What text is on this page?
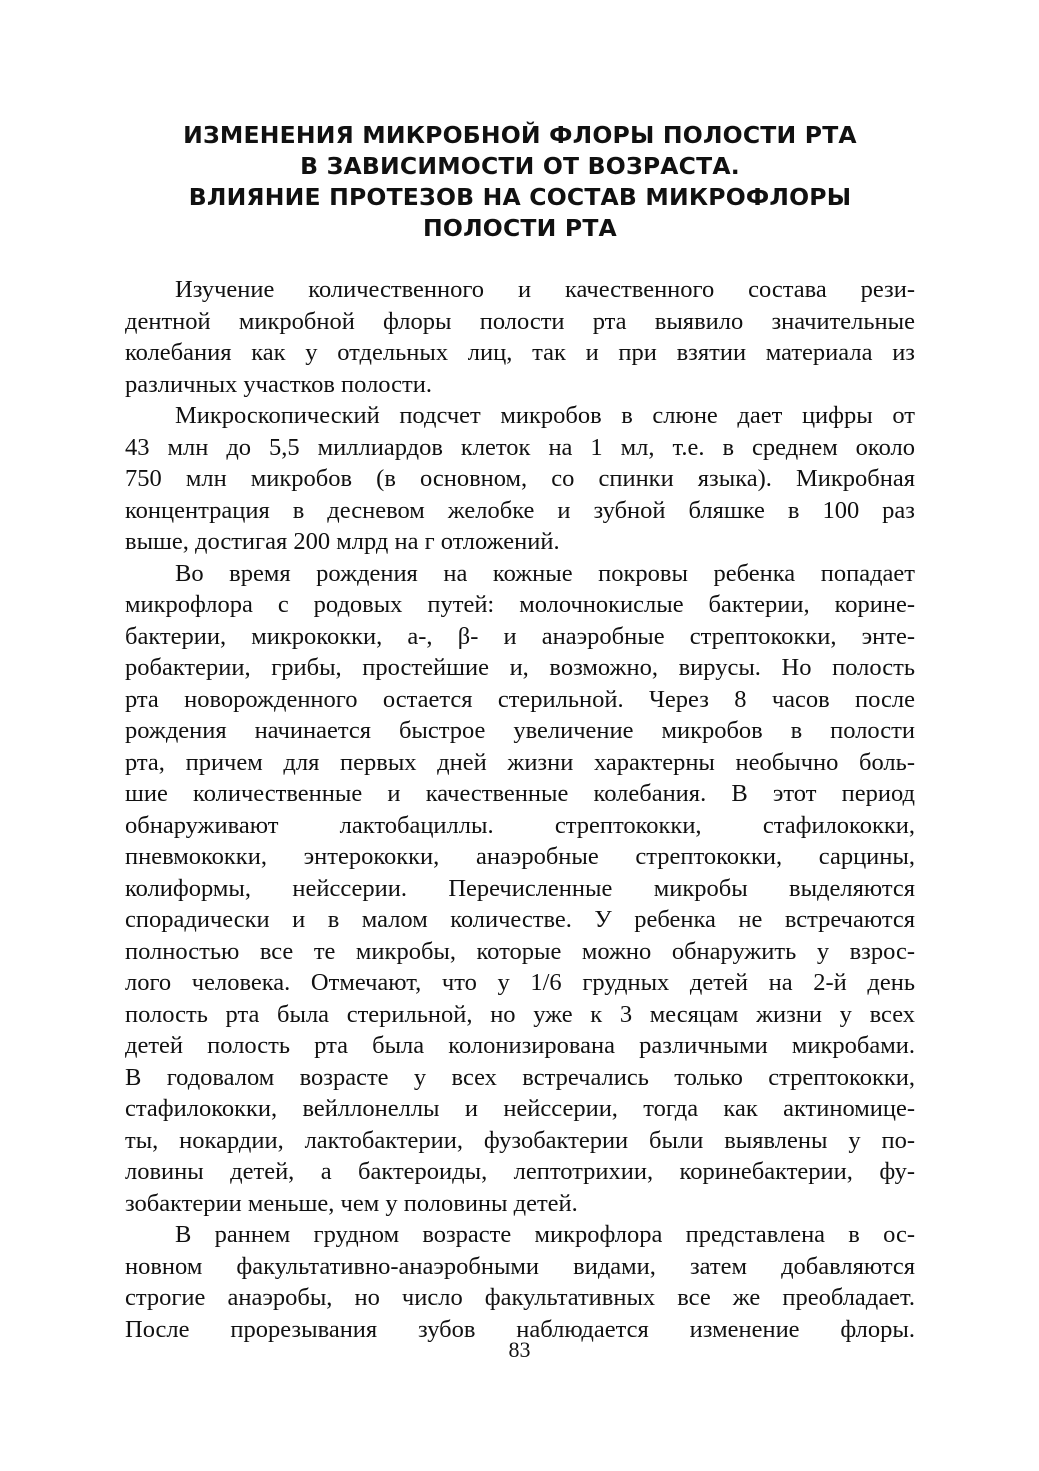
ИЗМЕНЕНИЯ МИКРОБНОЙ ФЛОРЫ ПОЛОСТИ РТА
В ЗАВИСИМОСТИ ОТ ВОЗРАСТА.
ВЛИЯНИЕ ПРОТЕЗОВ НА СОСТАВ МИКРОФЛОРЫ
ПОЛОСТИ РТА
Изучение количественного и качественного состава рези-
дентной микробной флоры полости рта выявило значительные
колебания как у отдельных лиц, так и при взятии материала из
различных участков полости.
Микроскопический подсчет микробов в слюне дает цифры от
43 млн до 5,5 миллиардов клеток на 1 мл, т.е. в среднем около
750 млн микробов (в основном, со спинки языка). Микробная
концентрация в десневом желобке и зубной бляшке в 100 раз
выше, достигая 200 млрд на г отложений.
Во время рождения на кожные покровы ребенка попадает
микрофлора с родовых путей: молочнокислые бактерии, корине-
бактерии, микрококки, a-, β- и анаэробные стрептококки, энте-
робактерии, грибы, простейшие и, возможно, вирусы. Но полость
рта новорожденного остается стерильной. Через 8 часов после
рождения начинается быстрое увеличение микробов в полости
рта, причем для первых дней жизни характерны необычно боль-
шие количественные и качественные колебания. В этот период
обнаруживают лактобациллы. стрептококки, стафилококки,
пневмококки, энтерококки, анаэробные стрептококки, сарцины,
колиформы, нейссерии. Перечисленные микробы выделяются
спорадически и в малом количестве. У ребенка не встречаются
полностью все те микробы, которые можно обнаружить у взрос-
лого человека. Отмечают, что у 1/6 грудных детей на 2-й день
полость рта была стерильной, но уже к 3 месяцам жизни у всех
детей полость рта была колонизирована различными микробами.
В годовалом возрасте у всех встречались только стрептококки,
стафилококки, вейллонеллы и нейссерии, тогда как актиномице-
ты, нокардии, лактобактерии, фузобактерии были выявлены у по-
ловины детей, а бактероиды, лептотрихии, коринебактерии, фу-
зобактерии меньше, чем у половины детей.
В раннем грудном возрасте микрофлора представлена в ос-
новном факультативно-анаэробными видами, затем добавляются
строгие анаэробы, но число факультативных все же преобладает.
После прорезывания зубов наблюдается изменение флоры.
83
